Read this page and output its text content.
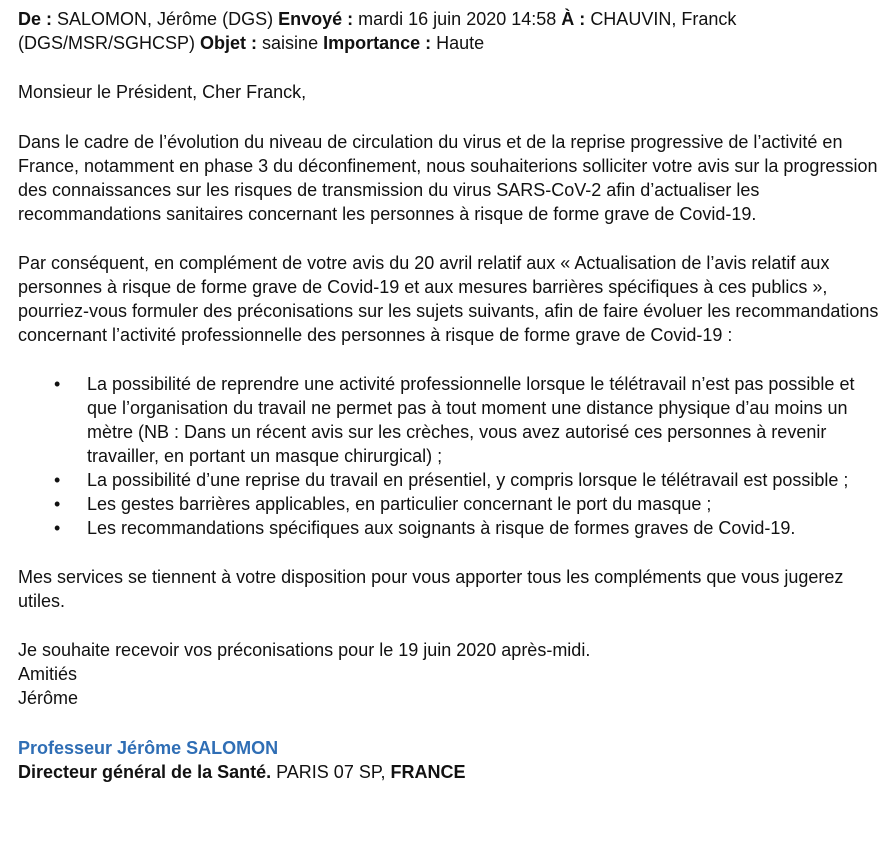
De : SALOMON, Jérôme (DGS) Envoyé : mardi 16 juin 2020 14:58 À : CHAUVIN, Franck
(DGS/MSR/SGHCSP) Objet : saisine Importance : Haute

Monsieur le Président, Cher Franck,

Dans le cadre de l’évolution du niveau de circulation du virus et de la reprise progressive de l’activité en France, notamment en phase 3 du déconfinement, nous souhaiterions solliciter votre avis sur la progression des connaissances sur les risques de transmission du virus SARS-CoV-2 afin d’actualiser les recommandations sanitaires concernant les personnes à risque de forme grave de Covid-19.

Par conséquent, en complément de votre avis du 20 avril relatif aux « Actualisation de l’avis relatif aux personnes à risque de forme grave de Covid-19 et aux mesures barrières spécifiques à ces publics », pourriez-vous formuler des préconisations sur les sujets suivants, afin de faire évoluer les recommandations concernant l’activité professionnelle des personnes à risque de forme grave de Covid-19 :

• La possibilité de reprendre une activité professionnelle lorsque le télétravail n’est pas possible et que l’organisation du travail ne permet pas à tout moment une distance physique d’au moins un mètre (NB : Dans un récent avis sur les crèches, vous avez autorisé ces personnes à revenir travailler, en portant un masque chirurgical) ;
• La possibilité d’une reprise du travail en présentiel, y compris lorsque le télétravail est possible ;
• Les gestes barrières applicables, en particulier concernant le port du masque ;
• Les recommandations spécifiques aux soignants à risque de formes graves de Covid-19.

Mes services se tiennent à votre disposition pour vous apporter tous les compléments que vous jugerez utiles.

Je souhaite recevoir vos préconisations pour le 19 juin 2020 après-midi.

Amitiés

Jérôme

Professeur Jérôme SALOMON

Directeur général de la Santé. PARIS 07 SP, FRANCE
